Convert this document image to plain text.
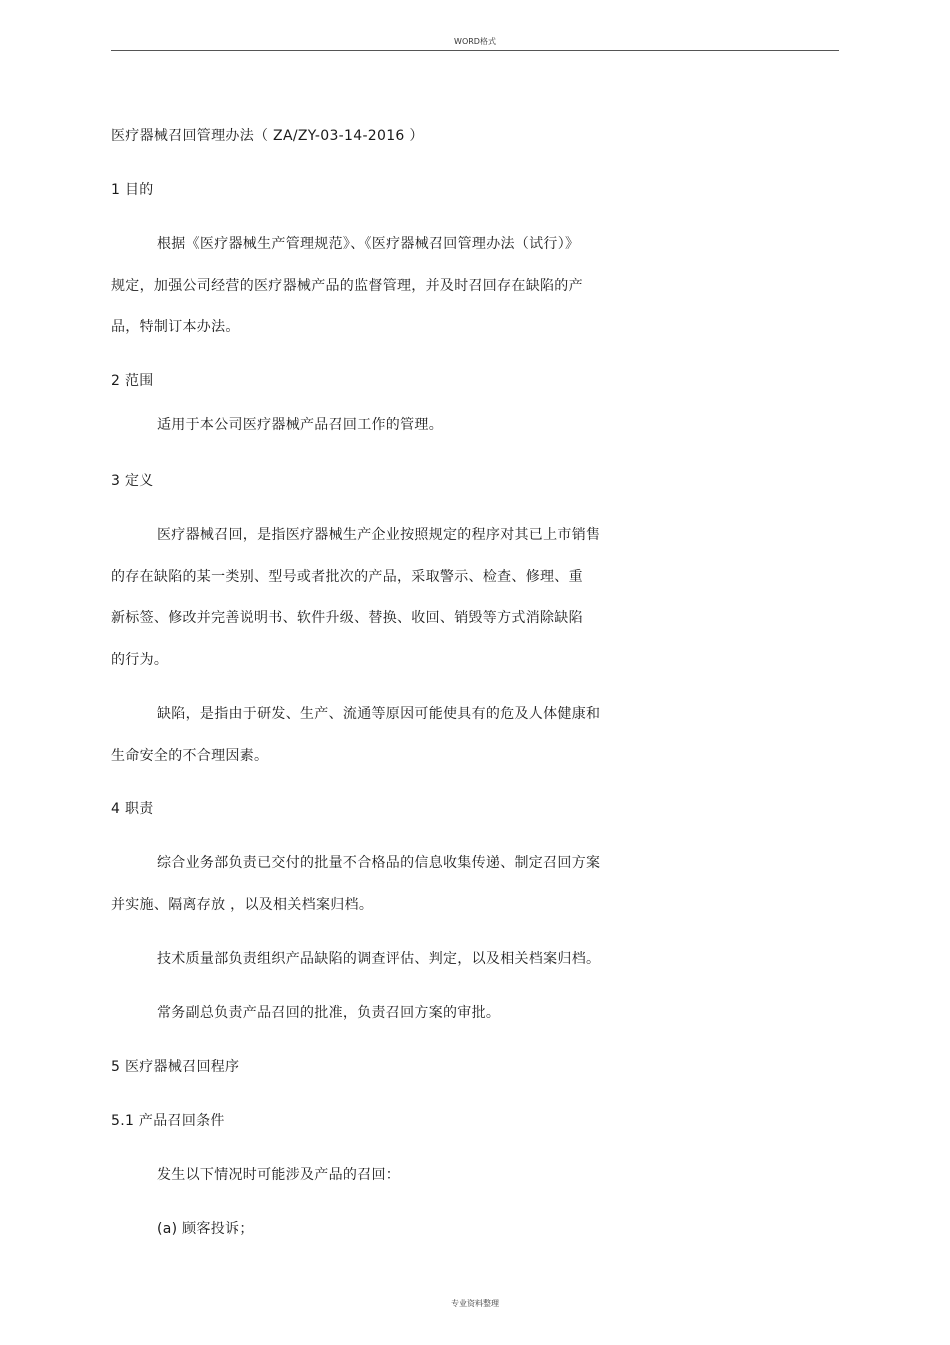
WORD格式
医疗器械召回管理办法（ ZA/ZY-03-14-2016 ）
1 目的
根据《医疗器械生产管理规范》、《医疗器械召回管理办法（试行）》
规定，加强公司经营的医疗器械产品的监督管理，并及时召回存在缺陷的产
品，特制订本办法。
2 范围
适用于本公司医疗器械产品召回工作的管理。
3 定义
医疗器械召回，是指医疗器械生产企业按照规定的程序对其已上市销售
的存在缺陷的某一类别、型号或者批次的产品，采取警示、检查、修理、重
新标签、修改并完善说明书、软件升级、替换、收回、销毁等方式消除缺陷
的行为。
缺陷，是指由于研发、生产、流通等原因可能使具有的危及人体健康和
生命安全的不合理因素。
4 职责
综合业务部负责已交付的批量不合格品的信息收集传递、制定召回方案
并实施、隔离存放 ，以及相关档案归档。
技术质量部负责组织产品缺陷的调查评估、判定，以及相关档案归档。
常务副总负责产品召回的批准，负责召回方案的审批。
5 医疗器械召回程序
5.1 产品召回条件
发生以下情况时可能涉及产品的召回：
(a) 顾客投诉；
专业资料整理
